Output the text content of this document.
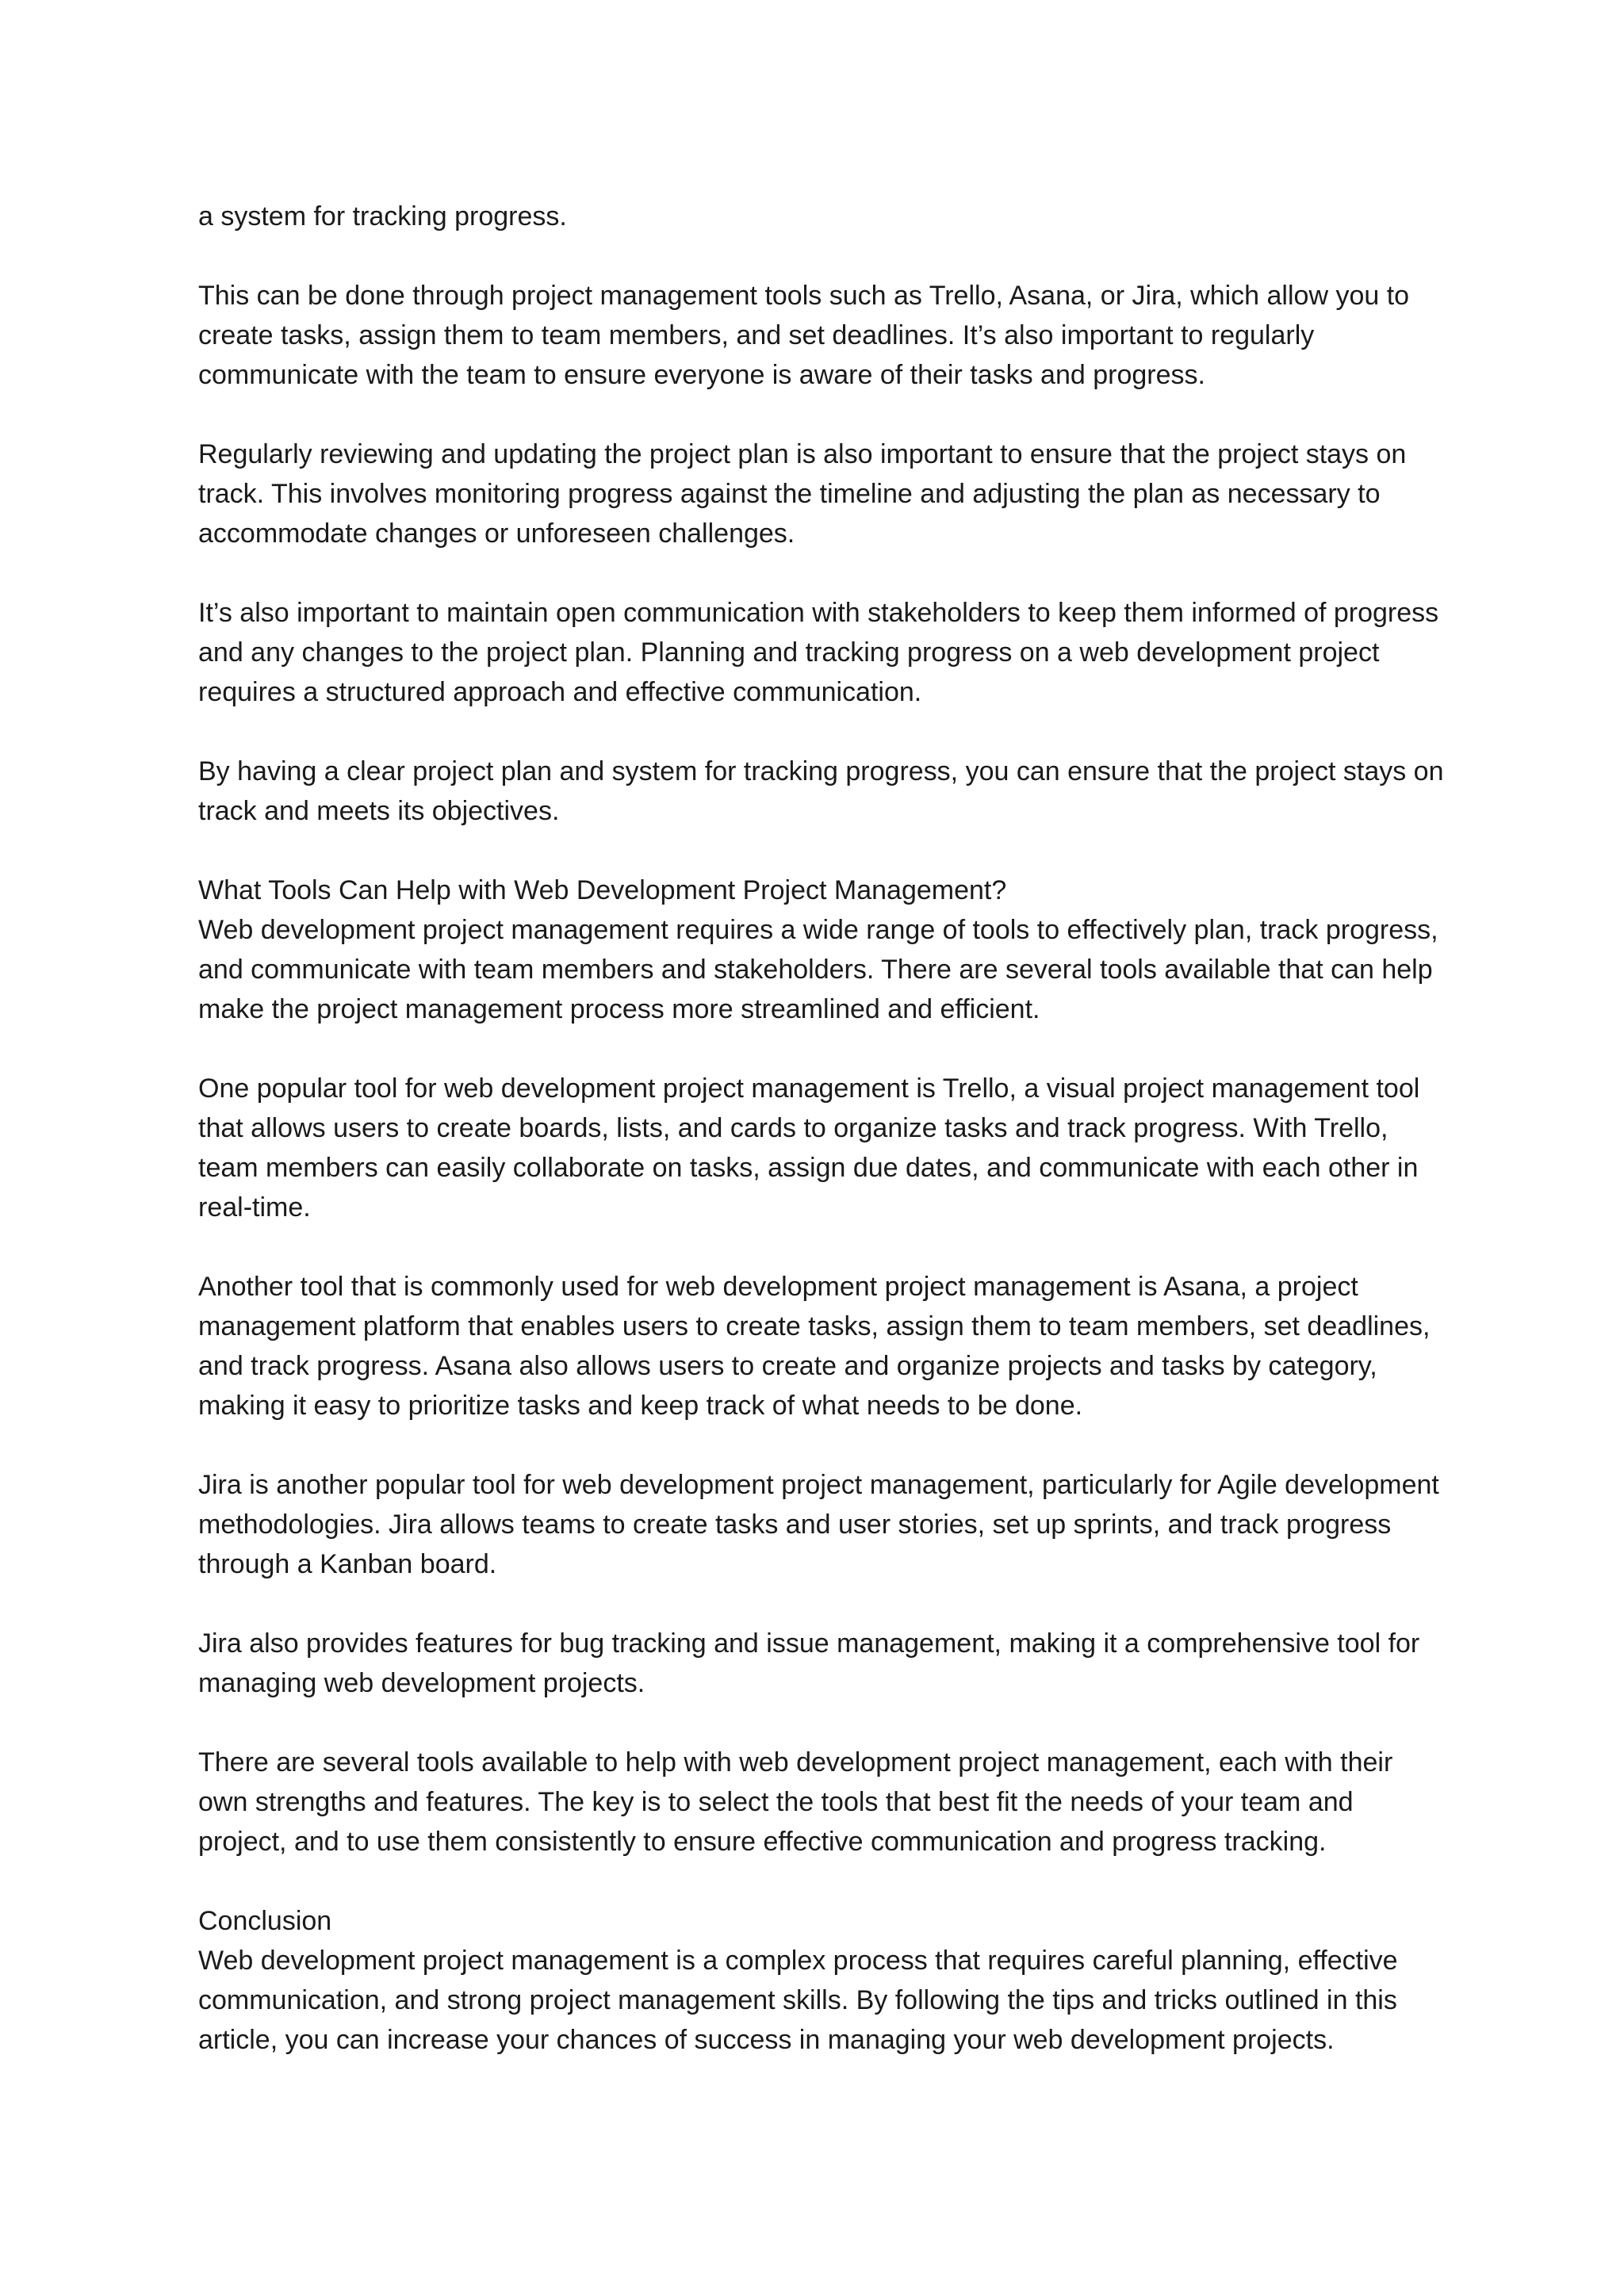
a system for tracking progress.

This can be done through project management tools such as Trello, Asana, or Jira, which allow you to create tasks, assign them to team members, and set deadlines. It’s also important to regularly communicate with the team to ensure everyone is aware of their tasks and progress.

Regularly reviewing and updating the project plan is also important to ensure that the project stays on track. This involves monitoring progress against the timeline and adjusting the plan as necessary to accommodate changes or unforeseen challenges.

It’s also important to maintain open communication with stakeholders to keep them informed of progress and any changes to the project plan. Planning and tracking progress on a web development project requires a structured approach and effective communication.

By having a clear project plan and system for tracking progress, you can ensure that the project stays on track and meets its objectives.

What Tools Can Help with Web Development Project Management?

Web development project management requires a wide range of tools to effectively plan, track progress, and communicate with team members and stakeholders. There are several tools available that can help make the project management process more streamlined and efficient.

One popular tool for web development project management is Trello, a visual project management tool that allows users to create boards, lists, and cards to organize tasks and track progress. With Trello, team members can easily collaborate on tasks, assign due dates, and communicate with each other in real-time.

Another tool that is commonly used for web development project management is Asana, a project management platform that enables users to create tasks, assign them to team members, set deadlines, and track progress. Asana also allows users to create and organize projects and tasks by category, making it easy to prioritize tasks and keep track of what needs to be done.

Jira is another popular tool for web development project management, particularly for Agile development methodologies. Jira allows teams to create tasks and user stories, set up sprints, and track progress through a Kanban board.

Jira also provides features for bug tracking and issue management, making it a comprehensive tool for managing web development projects.

There are several tools available to help with web development project management, each with their own strengths and features. The key is to select the tools that best fit the needs of your team and project, and to use them consistently to ensure effective communication and progress tracking.

Conclusion

Web development project management is a complex process that requires careful planning, effective communication, and strong project management skills. By following the tips and tricks outlined in this article, you can increase your chances of success in managing your web development projects.
